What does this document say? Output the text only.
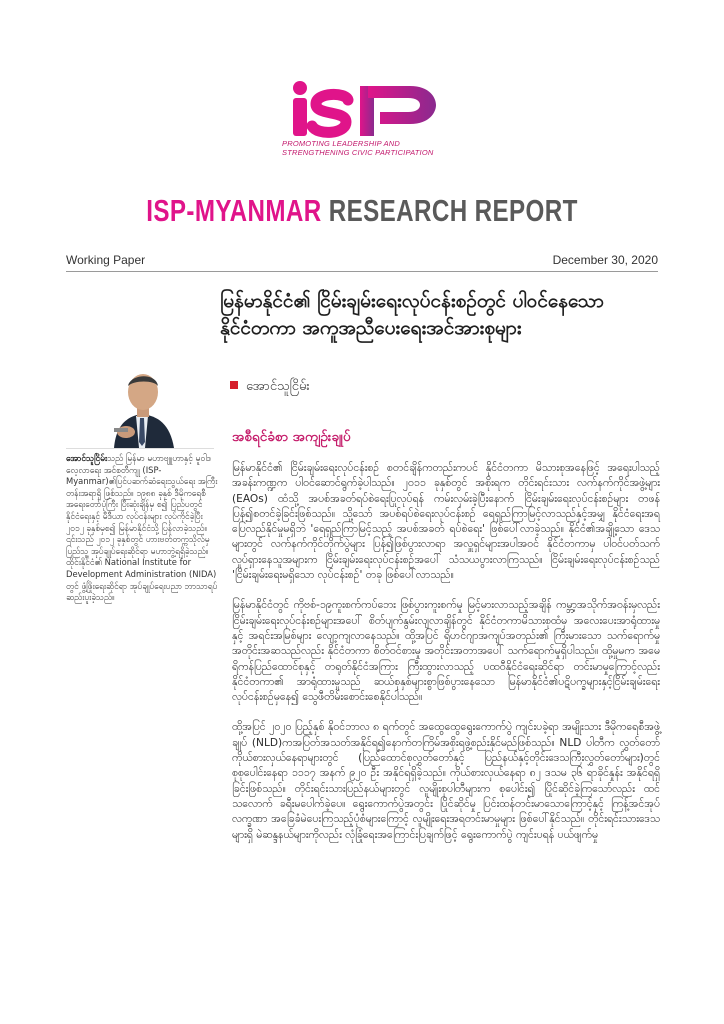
PROMOTING LEADERSHIP AND
STRENGTHENING CIVIC PARTICIPATION
ISP-MYANMAR RESEARCH REPORT
Working Paper	December 30, 2020
မြန်မာနိုင်ငံ၏ ငြိမ်းချမ်းရေးလုပ်ငန်းစဉ်တွင် ပါဝင်နေသော
နိုင်ငံတကာ အကူအညီပေးရေးအင်အားစုများ
အောင်သူငြိမ်း
အောင်သူငြိမ်းသည် မြန်မာ မဟာဗျူဟာနှင့် မူဝါဒလေ့လာရေး အင်စတီကျု (ISP-Myanmar)၏ပြင်ပဆက်ဆံရေးသွယ်ရေး အကြီးတန်းအရာရှိ ဖြစ်သည်။ ၁၉၈၈ ခုနှစ် ဒီမိုကရေစီ အရေးတော်ပုံကြီး ပြီးဆုံးချိန်မှ စ၍ ပြည်ပတွင် နိုင်ငံရေးနှင့် မီဒီယာ လုပ်ငန်းများ လုပ်ကိုင်ခဲ့ပြီး ၂၀၁၂ ခုနှစ်မှစ၍ မြန်မာနိုင်ငံသို့ ပြန်လာခဲ့သည်။ ၎င်းသည် ၂၀၁၂ ခုနှစ်တွင် ဟားဗတ်တက္ကသိုလ်မှ ပြည်သူ့ အုပ်ချုပ်ရေးဆိုင်ရာ မဟာဘွဲ့ရရှိခဲ့သည်။ ထိုင်းနိုင်ငံ၏ National Institute for Development Administration (NIDA) တွင် ဖွံ့ဖြိုးရေးဆိုင်ရာ အုပ်ချုပ်ရေးပညာ ဘာသာရပ် ဆည်းပူးခဲ့သည်။
အစီရင်ခံစာ အကျဉ်းချုပ်

မြန်မာနိုင်ငံ၏ ငြိမ်းချမ်းရေးလုပ်ငန်းစဉ် စတင်ချိန်ကတည်းကပင် နိုင်ငံတကာ မိသားစုအနေဖြင့် အရေးပါသည့် အခန်းကဏ္ဍက ပါဝင်ဆောင်ရွက်ခဲ့ပါသည်။ ၂၀၁၁ ခုနှစ်တွင် အစိုးရက တိုင်းရင်းသား လက်နက်ကိုင်အဖွဲ့များ (EAOs) ထံသို့ အပစ်အခတ်ရပ်စဲရေးပြုလုပ်ရန် ကမ်းလှမ်းခဲ့ပြီးနောက် ငြိမ်းချမ်းရေးလုပ်ငန်းစဉ်များ တဖန် ပြန်၍စတင်ခဲ့ခြင်းဖြစ်သည်။ သို့သော် အပစ်ရပ်စဲရေးလုပ်ငန်းစဉ် ရေရှည်ကြာမြင့်လာသည်နှင့်အမျှ နိုင်ငံရေးအရ ပြေလည်နိုင်မှုမရှိဘဲ 'ရေရှည်ကြာမြင့်သည့် အပစ်အခတ် ရပ်စဲရေး' ဖြစ်ပေါ်လာခဲ့သည်။ နိုင်ငံ၏အချို့သော ဒေသများတွင် လက်နက်ကိုင်တိုက်ပွဲများ ပြန်၍ဖြစ်ပွားလာရာ အလှူရှင်များအပါအဝင် နိုင်ငံတကာမှ ပါဝင်ပတ်သက် လှုပ်ရှားနေသူအများက ငြိမ်းချမ်းရေးလုပ်ငန်းစဉ်အပေါ် သံသယပွားလာကြသည်။ ငြိမ်းချမ်းရေးလုပ်ငန်းစဉ်သည် 'ငြိမ်းချမ်းရေးမရှိသော လုပ်ငန်းစဉ်' တခု ဖြစ်ပေါ်လာသည်။

မြန်မာနိုင်ငံတွင် ကိုဗစ်-၁၉ကူးစက်ကပ်ဘေး ဖြစ်ပွားကူးစက်မှု မြင့်မားလာသည့်အချိန် ကမ္ဘာ့အသိုက်အဝန်းမှလည်း ငြိမ်းချမ်းရေးလုပ်ငန်းစဉ်များအပေါ် စိတ်ပျက်နွမ်းလျလာချိန်တွင် နိုင်ငံတကာမိသားစုထံမှ အလေးပေးအာရုံထားမှုနှင့် အရင်းအမြစ်များ လျော့ကျလာနေသည်။ ထို့အပြင် ရိုဟင်ဂျာအကျပ်အတည်း၏ ကြီးမားသော သက်ရောက်မှုအတိုင်းအဆသည်လည်း နိုင်ငံတကာ စိတ်ဝင်စားမှု အတိုင်းအတာအပေါ် သက်ရောက်မှုရှိပါသည်။ ထို့မှုမက အမေရိကန်ပြည်ထောင်စုနှင့် တရုတ်နိုင်ငံအကြား ကြီးထွားလာသည့် ပထဝီနိုင်ငံရေးဆိုင်ရာ တင်းမာမှုကြောင့်လည်း နိုင်ငံတကာ၏ အာရုံထားမှုသည် ဆယ်စုနှစ်များစွာဖြစ်ပွားနေသော မြန်မာနိုင်ငံ၏ပဋိပက္ခများနှင့်ငြိမ်းချမ်းရေးလုပ်ငန်းစဉ်မှနေ၍ သွေဖီတိမ်းစောင်းစေနိုင်ပါသည်။

ထို့အပြင် ၂၀၂၀ ပြည့်နှစ် နိုဝင်ဘာလ ၈ ရက်တွင် အထွေထွေရွေးကောက်ပွဲ ကျင်းပခဲ့ရာ အမျိုးသား ဒီမိုကရေစီအဖွဲ့ချုပ် (NLD)ကအပြတ်အသတ်အနိုင်ရ၍နောက်တကြိမ်အစိုးရဖွဲ့စည်းနိုင်မည်ဖြစ်သည်။ NLD ပါတီက လွှတ်တော်ကိုယ်စားလှယ်နေရာများတွင် (ပြည်ထောင်စုလွှတ်တော်နှင့် ပြည်နယ်နှင့်တိုင်းဒေသကြီးလွှတ်တော်များ)တွင် စုစုပေါင်းနေရာ ၁၁၁၇ အနက် ၉၂၀ ဦး အနိုင်ရရှိခဲ့သည်။ ကိုယ်စားလှယ်နေရာ ၈၂ ဒသမ ၃၆ ရာခိုင်နှုန်း အနိုင်ရရှိခြင်းဖြစ်သည်။ တိုင်းရင်းသားပြည်နယ်များတွင် လူမျိုးစုပါတီများက စုပေါင်း၍ ပြိုင်ဆိုင်ခဲ့ကြသော်လည်း ထင်သလောက် ခရီးမပေါက်ခဲ့ပေ။ ရွေးကောက်ပွဲအတွင်း ပြိုင်ဆိုင်မှု ပြင်းထန်တင်းမာသောကြောင့်နှင့် ကြန့်အင်အုပ်လက္ခဏာ အခြေခံမဲပေးကြသည့်ပုံစံများကြောင့် လူမျိုးရေးအရတင်းမာမှုများ ဖြစ်ပေါ်နိုင်သည်။ တိုင်းရင်းသားဒေသများရှိ မဲဆန္ဒနယ်များကိုလည်း လုံခြုံရေးအကြောင်းပြချက်ဖြင့် ရွေးကောက်ပွဲ ကျင်းပရန် ပယ်ဖျက်မှု
